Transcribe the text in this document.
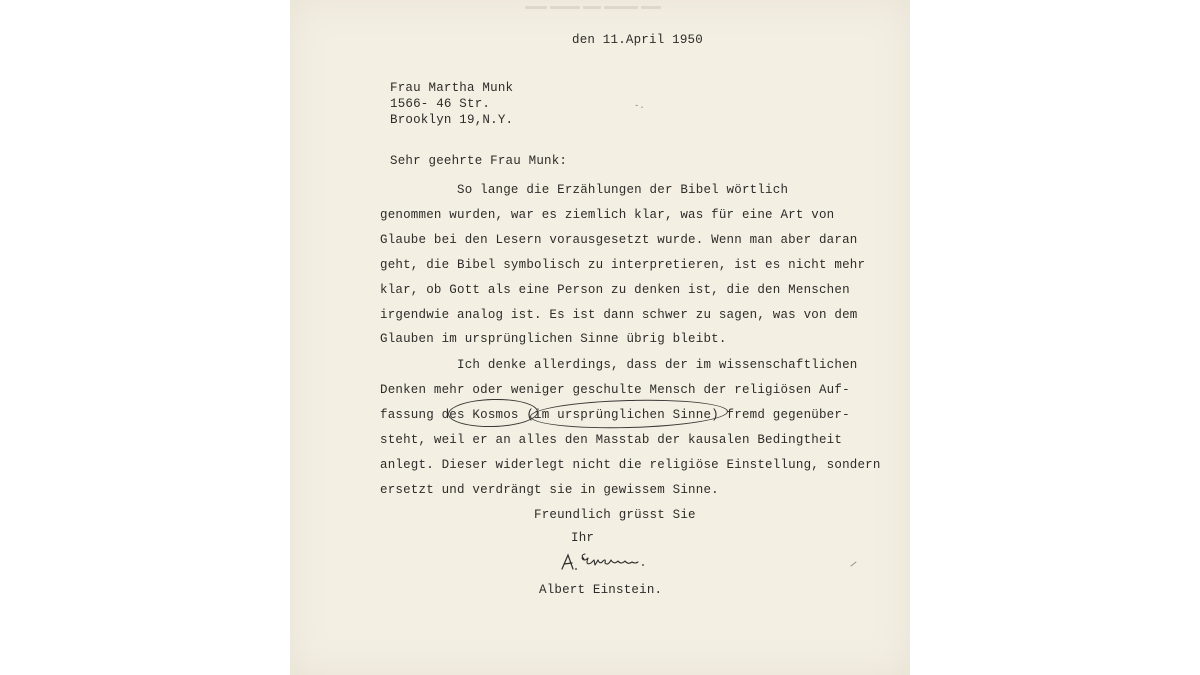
den 11.April 1950
Frau Martha Munk
1566- 46 Str.
Brooklyn 19,N.Y.
-.
Sehr geehrte Frau Munk:
So lange die Erzählungen der Bibel wörtlich
genommen wurden, war es ziemlich klar, was für eine Art von
Glaube bei den Lesern vorausgesetzt wurde. Wenn man aber daran
geht, die Bibel symbolisch zu interpretieren, ist es nicht mehr
klar, ob Gott als eine Person zu denken ist, die den Menschen
irgendwie analog ist. Es ist dann schwer zu sagen, was von dem
Glauben im ursprünglichen Sinne übrig bleibt.
Ich denke allerdings, dass der im wissenschaftlichen
Denken mehr oder weniger geschulte Mensch der religiösen Auf-
fassung des Kosmos (im ursprünglichen Sinne) fremd gegenüber-
steht, weil er an alles den Masstab der kausalen Bedingtheit
anlegt. Dieser widerlegt nicht die religiöse Einstellung, sondern
ersetzt und verdrängt sie in gewissem Sinne.
Freundlich grüsst Sie
Ihr
Albert Einstein.
